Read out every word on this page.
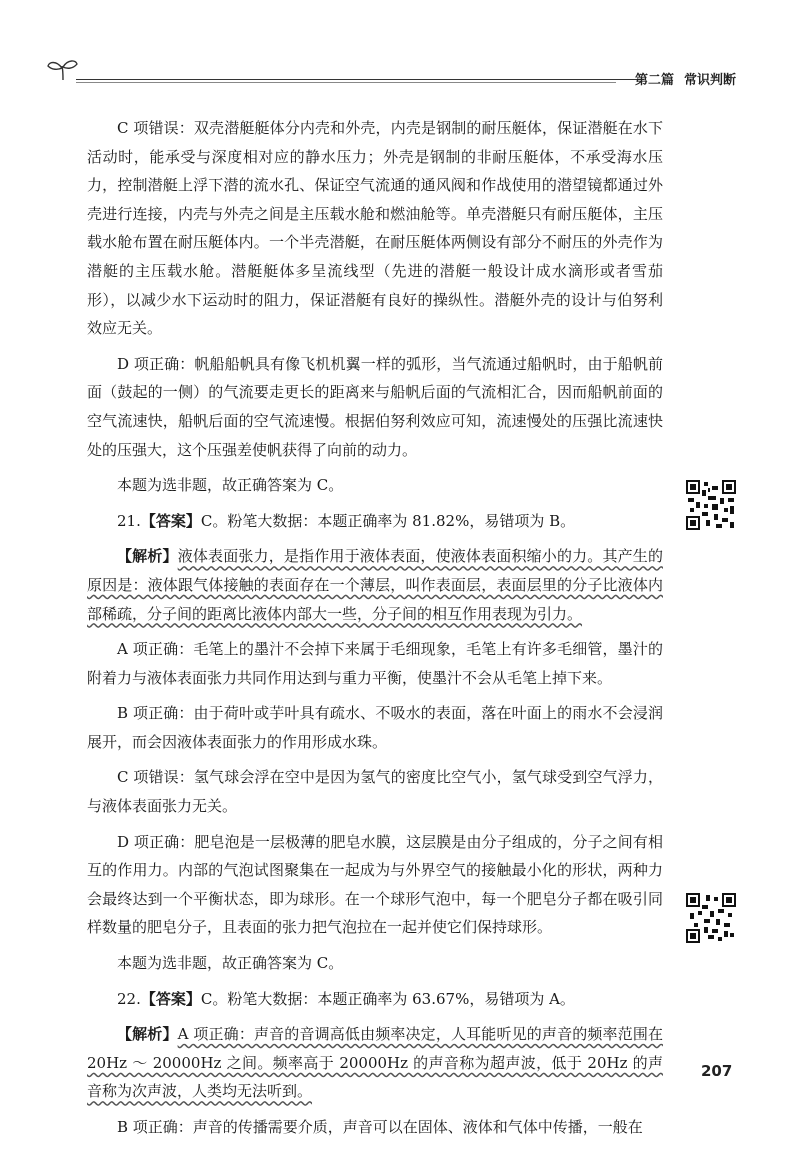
第二篇 常识判断

C 项错误：双壳潜艇艇体分内壳和外壳，内壳是钢制的耐压艇体，保证潜艇在水下活动时，能承受与深度相对应的静水压力；外壳是钢制的非耐压艇体，不承受海水压力，控制潜艇上浮下潜的流水孔、保证空气流通的通风阀和作战使用的潜望镜都通过外壳进行连接，内壳与外壳之间是主压载水舱和燃油舱等。单壳潜艇只有耐压艇体，主压载水舱布置在耐压艇体内。一个半壳潜艇，在耐压艇体两侧设有部分不耐压的外壳作为潜艇的主压载水舱。潜艇艇体多呈流线型（先进的潜艇一般设计成水滴形或者雪茄形），以减少水下运动时的阻力，保证潜艇有良好的操纵性。潜艇外壳的设计与伯努利效应无关。

D 项正确：帆船船帆具有像飞机机翼一样的弧形，当气流通过船帆时，由于船帆前面（鼓起的一侧）的气流要走更长的距离来与船帆后面的气流相汇合，因而船帆前面的空气流速快，船帆后面的空气流速慢。根据伯努利效应可知，流速慢处的压强比流速快处的压强大，这个压强差使帆获得了向前的动力。

本题为选非题，故正确答案为 C。

21.【答案】C。粉笔大数据：本题正确率为 81.82%，易错项为 B。

【解析】液体表面张力，是指作用于液体表面，使液体表面积缩小的力。其产生的原因是：液体跟气体接触的表面存在一个薄层，叫作表面层，表面层里的分子比液体内部稀疏，分子间的距离比液体内部大一些，分子间的相互作用表现为引力。

A 项正确：毛笔上的墨汁不会掉下来属于毛细现象，毛笔上有许多毛细管，墨汁的附着力与液体表面张力共同作用达到与重力平衡，使墨汁不会从毛笔上掉下来。

B 项正确：由于荷叶或芋叶具有疏水、不吸水的表面，落在叶面上的雨水不会浸润展开，而会因液体表面张力的作用形成水珠。

C 项错误：氢气球会浮在空中是因为氢气的密度比空气小，氢气球受到空气浮力，与液体表面张力无关。

D 项正确：肥皂泡是一层极薄的肥皂水膜，这层膜是由分子组成的，分子之间有相互的作用力。内部的气泡试图聚集在一起成为与外界空气的接触最小化的形状，两种力会最终达到一个平衡状态，即为球形。在一个球形气泡中，每一个肥皂分子都在吸引同样数量的肥皂分子，且表面的张力把气泡拉在一起并使它们保持球形。

本题为选非题，故正确答案为 C。

22.【答案】C。粉笔大数据：本题正确率为 63.67%，易错项为 A。

【解析】A 项正确：声音的音调高低由频率决定，人耳能听见的声音的频率范围在 20Hz ～ 20000Hz 之间。频率高于 20000Hz 的声音称为超声波，低于 20Hz 的声音称为次声波，人类均无法听到。

B 项正确：声音的传播需要介质，声音可以在固体、液体和气体中传播，一般在

207
